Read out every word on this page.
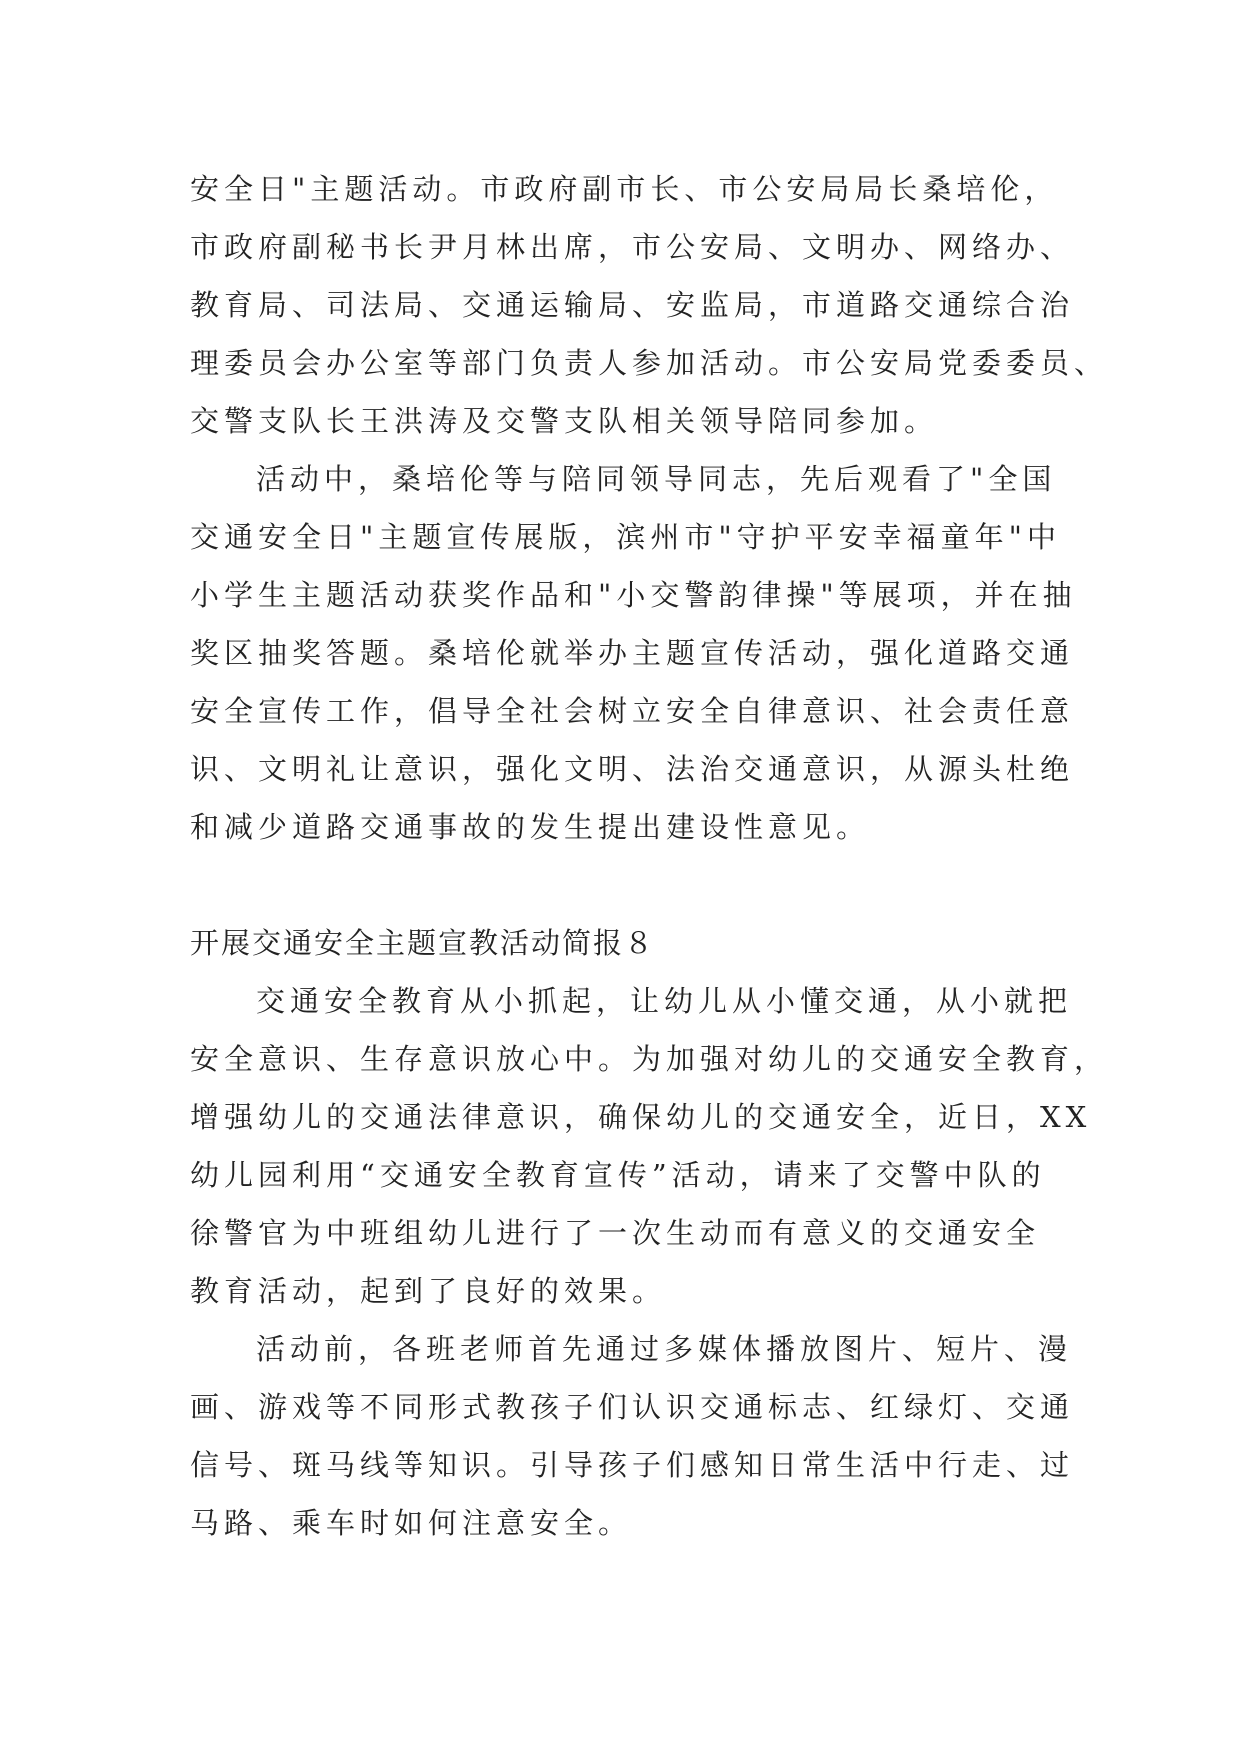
安全日"主题活动。市政府副市长、市公安局局长桑培伦，
市政府副秘书长尹月林出席，市公安局、文明办、网络办、
教育局、司法局、交通运输局、安监局，市道路交通综合治
理委员会办公室等部门负责人参加活动。市公安局党委委员、
交警支队长王洪涛及交警支队相关领导陪同参加。
活动中，桑培伦等与陪同领导同志，先后观看了"全国
交通安全日"主题宣传展版，滨州市"守护平安幸福童年"中
小学生主题活动获奖作品和"小交警韵律操"等展项，并在抽
奖区抽奖答题。桑培伦就举办主题宣传活动，强化道路交通
安全宣传工作，倡导全社会树立安全自律意识、社会责任意
识、文明礼让意识，强化文明、法治交通意识，从源头杜绝
和减少道路交通事故的发生提出建设性意见。
开展交通安全主题宣教活动简报８
交通安全教育从小抓起，让幼儿从小懂交通，从小就把
安全意识、生存意识放心中。为加强对幼儿的交通安全教育，
增强幼儿的交通法律意识，确保幼儿的交通安全，近日，XX
幼儿园利用“交通安全教育宣传”活动，请来了交警中队的
徐警官为中班组幼儿进行了一次生动而有意义的交通安全
教育活动，起到了良好的效果。
活动前，各班老师首先通过多媒体播放图片、短片、漫
画、游戏等不同形式教孩子们认识交通标志、红绿灯、交通
信号、斑马线等知识。引导孩子们感知日常生活中行走、过
马路、乘车时如何注意安全。
